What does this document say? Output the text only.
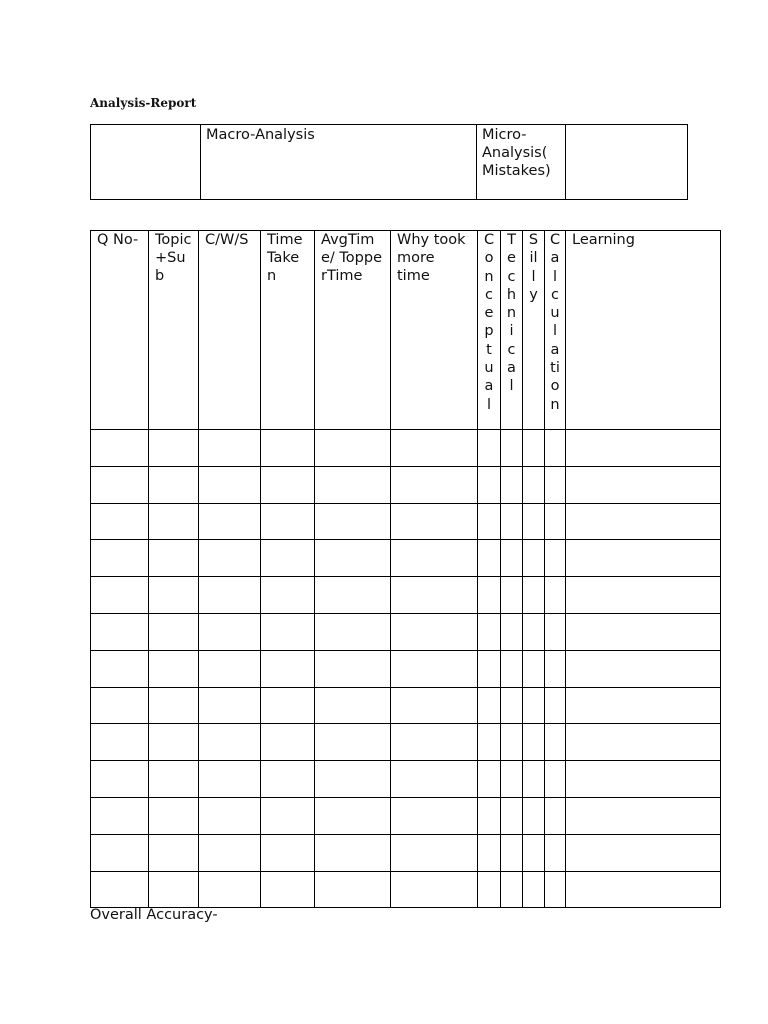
Analysis-Report
	Macro-Analysis	Micro-Analysis( Mistakes)	
Q No-	Topic+Sub	C/W/S	Time Taken	AvgTime/ TopperTime	Why took more time	Conceptual	Technical	Silly	Calculation	Learning

Overall Accuracy-
